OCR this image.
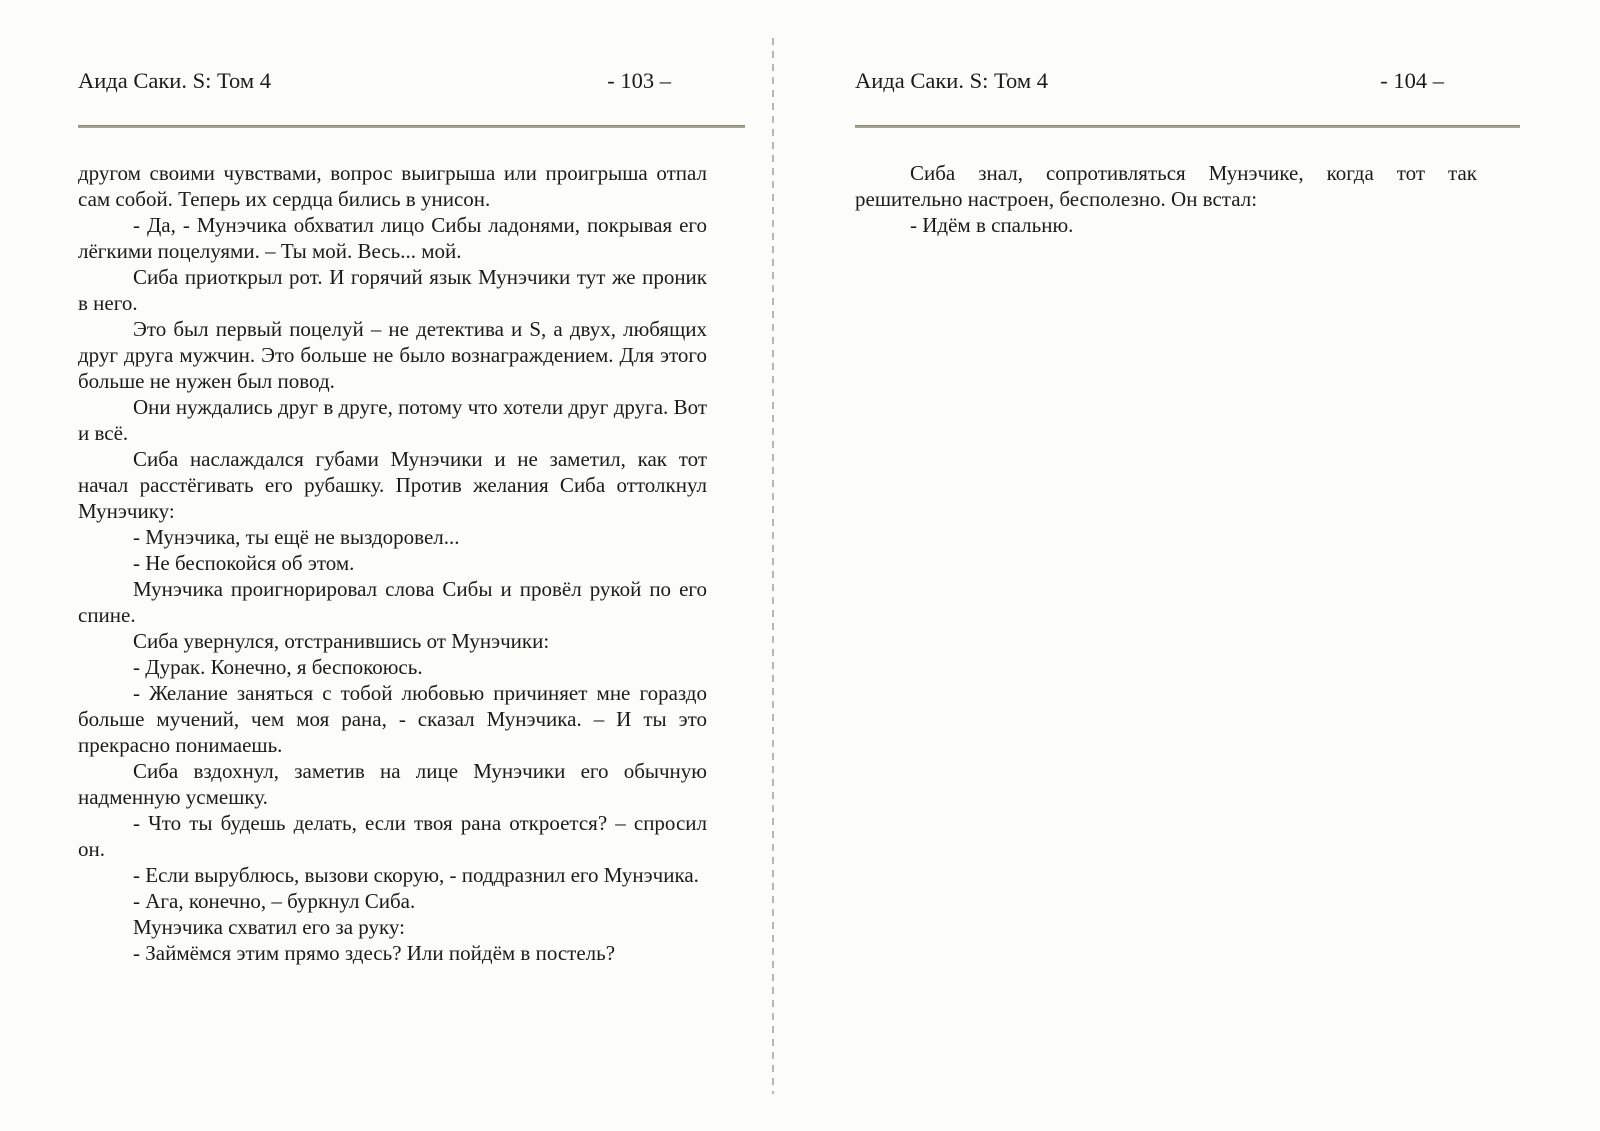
Аида Саки. S: Том 4	- 103 –

другом своими чувствами, вопрос выигрыша или проигрыша отпал сам собой. Теперь их сердца бились в унисон.

- Да, - Мунэчика обхватил лицо Сибы ладонями, покрывая его лёгкими поцелуями. – Ты мой. Весь... мой.

Сиба приоткрыл рот. И горячий язык Мунэчики тут же проник в него.

Это был первый поцелуй – не детектива и S, а двух, любящих друг друга мужчин. Это больше не было вознаграждением. Для этого больше не нужен был повод.

Они нуждались друг в друге, потому что хотели друг друга. Вот и всё.

Сиба наслаждался губами Мунэчики и не заметил, как тот начал расстёгивать его рубашку. Против желания Сиба оттолкнул Мунэчику:

- Мунэчика, ты ещё не выздоровел...

- Не беспокойся об этом.

Мунэчика проигнорировал слова Сибы и провёл рукой по его спине.

Сиба увернулся, отстранившись от Мунэчики:

- Дурак. Конечно, я беспокоюсь.

- Желание заняться с тобой любовью причиняет мне гораздо больше мучений, чем моя рана, - сказал Мунэчика. – И ты это прекрасно понимаешь.

Сиба вздохнул, заметив на лице Мунэчики его обычную надменную усмешку.

- Что ты будешь делать, если твоя рана откроется? – спросил он.

- Если вырублюсь, вызови скорую, - поддразнил его Мунэчика.

- Ага, конечно, – буркнул Сиба.

Мунэчика схватил его за руку:

- Займёмся этим прямо здесь? Или пойдём в постель?

Аида Саки. S: Том 4	- 104 –

Сиба знал, сопротивляться Мунэчике, когда тот так решительно настроен, бесполезно. Он встал:

- Идём в спальню.
